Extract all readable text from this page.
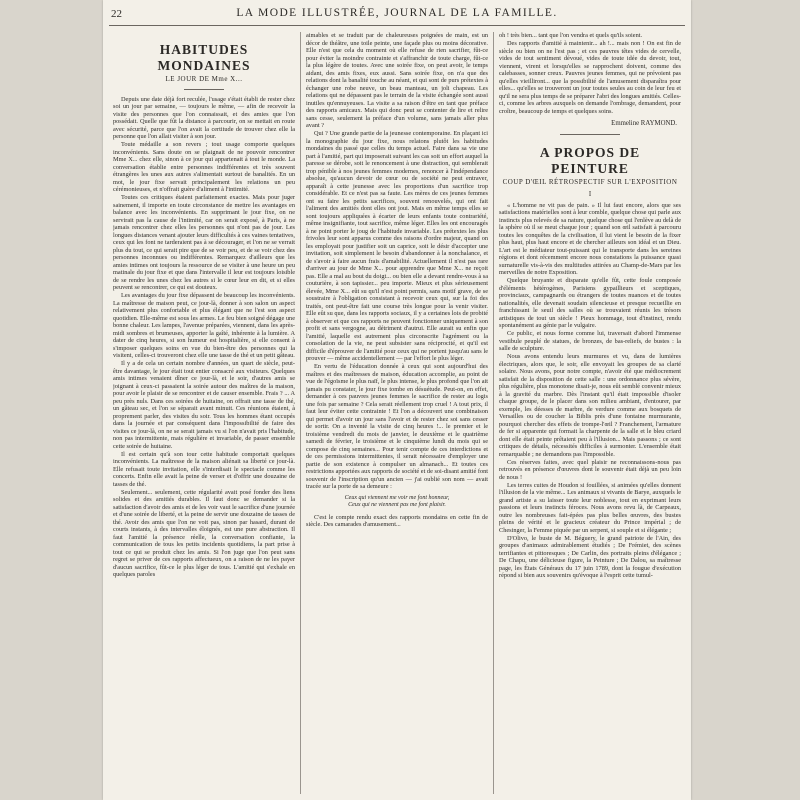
22	LA MODE ILLUSTRÉE, JOURNAL DE LA FAMILLE.
HABITUDES MONDAINES
LE JOUR DE Mme X...

Depuis une date déjà fort reculée, l'usage s'était établi de rester chez soi un jour par semaine, — toujours le même, — afin de recevoir la visite des personnes que l'on connaissait, et des amies que l'on possédait. Quelle que fût la distance à parcourir, on se mettait en route avec sécurité, parce que l'on avait la certitude de trouver chez elle la personne que l'on allait visiter à son jour.

Toute médaille a son revers ; tout usage comporte quelques inconvénients. Sans doute on se plaignait de ne pouvoir rencontrer Mme X... chez elle, sinon à ce jour qui appartenait à tout le monde. La conversation établie entre personnes indifférentes et très souvent étrangères les unes aux autres s'alimentait surtout de banalités. En un mot, le jour fixe servait principalement les relations un peu cérémonieuses, et n'offrait guère d'aliment à l'intimité.

Toutes ces critiques étaient parfaitement exactes. Mais pour juger sainement, il importe en toute circonstance de mettre les avantages en balance avec les inconvénients. En supprimant le jour fixe, on ne servirait pas la cause de l'intimité, car on serait exposé, à Paris, à ne jamais rencontrer chez elles les personnes qui n'ont pas de jour. Les longues distances venant ajouter leurs difficultés à ces vaines tentatives, ceux qui les font ne tarderaient pas à se décourager, et l'on ne se verrait plus du tout, ce qui serait pire que de se voir peu, et de se voir chez des personnes inconnues ou indifférentes. Remarquez d'ailleurs que les amies intimes ont toujours la ressource de se visiter à une heure un peu matinale du jour fixe et que dans l'intervalle il leur est toujours loisible de se rendre les unes chez les autres si le cœur leur en dit, et si elles peuvent se rencontrer, ce qui est douteux.

Les avantages du jour fixe dépassent de beaucoup les inconvénients. La maîtresse de maison peut, ce jour-là, donner à son salon un aspect relativement plus confortable et plus élégant que ne l'est son aspect quotidien. Elle-même est sous les armes. Le feu bien soigné dégage une bonne chaleur. Les lampes, l'avenue préparées, viennent, dans les après-midi sombres et brumeuses, apporter la gaîté, inhérente à la lumière. A dater de cinq heures, si son humeur est hospitalière, si elle consent à s'imposer quelques soins en vue du bien-être des personnes qui la visitent, celles-ci trouveront chez elle une tasse de thé et un petit gâteau.

Il y a de cela un certain nombre d'années, un quart de siècle, peut-être davantage, le jour était tout entier consacré aux visiteurs. Quelques amis intimes venaient dîner ce jour-là, et le soir, d'autres amis se joignant à ceux-ci passaient la soirée autour des maîtres de la maison, pour avoir le plaisir de se rencontrer et de causer ensemble. Frais ? ... A peu près nuls. Dans ces soirées de huitaine, on offrait une tasse de thé, un gâteau sec, et l'on se séparait avant minuit. Ces réunions étaient, à proprement parler, des visites du soir. Tous les hommes étant occupés dans la journée et par conséquent dans l'impossibilité de faire des visites ce jour-là, on ne se serait jamais vu si l'on n'avait pris l'habitude, non pas intermittente, mais régulière et invariable, de passer ensemble cette soirée de huitaine.

Il est certain qu'à son tour cette habitude comportait quelques inconvénients. La maîtresse de la maison aliénait sa liberté ce jour-là. Elle refusait toute invitation, elle s'interdisait le spectacle comme les concerts. Enfin elle avait la peine de verser et d'offrir une douzaine de tasses de thé.

Seulement... seulement, cette régularité avait posé fonder des liens solides et des amitiés durables. Il faut donc se demander si la satisfaction d'avoir des amis et de les voir vaut le sacrifice d'une journée et d'une soirée de liberté, et la peine de servir une douzaine de tasses de thé. Avoir des amis que l'on ne voit pas, sinon par hasard, durant de courts instants, à des intervalles éloignés, est une pure abstraction. Il faut l'amitié la présence réelle, la conversation confiante, la communication de tous les petits incidents quotidiens, la part prise à tout ce qui se produit chez les amis. Si l'on juge que l'on peut sans regret se priver de ces rapports affectueux, on a raison de ne les payer d'aucun sacrifice, fût-ce le plus léger de tous. L'amitié qui s'exhale en quelques paroles

aimables et se traduit par de chaleureuses poignées de main, est un décor de théâtre, une toile peinte, une façade plus ou moins décorative. Elle n'est que cela du moment où elle refuse de rien sacrifier, fût-ce pour éviter la moindre contrainte et s'affranchir de toute charge, fût-ce la plus légère de toutes. Avec une soirée fixe, on peut avoir, le temps aidant, des amis fixes, eux aussi. Sans soirée fixe, on n'a que des relations dont la banalité touche au néant, et qui sont de purs prétextes à échanger une robe neuve, un beau manteau, un joli chapeau. Les relations qui ne dépassent pas le terrain de la visite échangée sont aussi inutiles qu'ennuyeuses. La visite a sa raison d'être en tant que préface des rapports amicaux. Mais qui donc peut se contenter de lire et relire sans cesse, seulement la préface d'un volume, sans jamais aller plus avant ?

Qui ? Une grande partie de la jeunesse contemporaine. En plaçant ici la monographie du jour fixe, nous relatons plutôt les habitudes mondaines du passé que celles du temps actuel. Faire dans sa vie une part à l'amitié, part qui imposerait suivant les cas soit un effort auquel la paresse se dérobe, soit le renoncement à une distraction, qui semblerait trop pénible à nos jeunes femmes modernes, renoncer à l'indépendance absolue, qu'aucun devoir de cœur ou de société ne peut entraver, apparaît à cette jeunesse avec les proportions d'un sacrifice trop considérable. Et ce n'est pas sa faute. Les mères de ces jeunes femmes ont su faire les petits sacrifices, souvent renouvelés, qui ont fait l'aliment des amitiés dont elles ont joui. Mais en même temps elles se sont toujours appliquées à écarter de leurs enfants toute contrariété, même insignifiante, tout sacrifice, même léger. Elles les ont encouragés à ne point porter le joug de l'habitude invariable. Les prétextes les plus frivoles leur sont apparus comme des raisons d'ordre majeur, quand on les employait pour justifier soit un caprice, soit le désir d'accepter une invitation, soit simplement le besoin d'abandonner à la nonchalance, et de s'avoir à faire aucun frais d'amabilité. Actuellement il n'est pas rare d'arriver au jour de Mme X... pour apprendre que Mme X... ne reçoit pas. Elle a mal au bout du doigt... ou bien elle a devant rendre-vous à sa couturière, à son tapissier... peu importe. Mieux et plus sérieusement élevée, Mme X... eût su qu'il n'est point permis, sans motif grave, de se soustraire à l'obligation consistant à recevoir ceux qui, sur la foi des traités, ont peut-être fait une course très longue pour la venir visiter. Elle eût su que, dans les rapports sociaux, il y a certaines lois de probité à observer et que ces rapports ne peuvent fonctionner uniquement à son profit et sans vergogne, au détriment d'autrui. Elle aurait su enfin que l'amitié, laquelle est autrement plus circonscrite l'agrément ou la consolation de la vie, ne peut subsister sans réciprocité, et qu'il est difficile d'éprouver de l'amitié pour ceux qui ne portent jusqu'au sans le prouver — même accidentellement — par l'effort le plus léger.

En vertu de l'éducation donnée à ceux qui sont aujourd'hui des maîtres et des maîtresses de maison, éducation accomplie, au point de vue de l'égoïsme le plus naïf, le plus intense, le plus profond que l'on ait jamais pu constater, le jour fixe tombe en désuétude. Peut-on, en effet, demander à ces pauvres jeunes femmes le sacrifice de rester au logis une fois par semaine ? Cela serait réellement trop cruel ! A tout prix, il faut leur éviter cette contrainte ! Et l'on a découvert une combinaison qui permet d'avoir un jour sans l'avoir et de rester chez soi sans cesser de sortir. On a inventé la visite de cinq heures !... le premier et le troisième vendredi du mois de janvier, le deuxième et le quatrième samedi de février, le troisième et le cinquième lundi du mois qui se compose de cinq semaines... Pour tenir compte de ces interdictions et de ces permissions intermittentes, il serait nécessaire d'employer une partie de son existence à compulser un almanach... Et toutes ces restrictions apportées aux rapports de société et de soi-disant amitié font souvenir de l'inscription qu'un ancien — j'ai oublié son nom — avait tracée sur la porte de sa demeure :

Ceux qui viennent me voir me font honneur,
Ceux qui ne viennent pas me font plaisir.

C'est le compte rendu exact des rapports mondains en cette fin de siècle. Des camarades d'amusement...

oh ! très bien... tant que l'on vendra et quels qu'ils soient.

Des rapports d'amitié à maintenir... ah !... mais non ! On est fin de siècle ou bien on ne l'est pas ; et ces pauvres têtes vides de cervelle, vides de tout sentiment dévoué, vides de toute idée du devoir, tout, viennent, virent et lorsqu'elles se rapprochent doivent, comme des calebasses, sonner creux. Pauvres jeunes femmes, qui ne prévoient pas qu'elles vieilliront... que la possibilité de l'amusement disparaîtra pour elles... qu'elles se trouveront un jour toutes seules au coin de leur feu et qu'il ne sera plus temps de se préparer l'abri des longues amitiés. Celles-ci, comme les arbres auxquels on demande l'ombrage, demandent, pour croître, beaucoup de temps et quelques soins.

Emmeline RAYMOND.
A PROPOS DE PEINTURE
COUP D'ŒIL RÉTROSPECTIF SUR L'EXPOSITION
I

« L'homme ne vit pas de pain. » Il lui faut encore, alors que ses satisfactions matérielles sont à leur comble, quelque chose qui parle aux instincts plus relevés de sa nature, quelque chose qui l'enlève au delà de la sphère où il se meut chaque jour ; quand son œil satisfait à parcouru toutes les conquêtes de la civilisation, il lui vient le besoin de la fixer plus haut, plus haut encore et de chercher ailleurs son idéal et un Dieu. L'art est le médiateur tout-puissant qui le transporte dans les sereines régions et dont récemment encore nous constations la puissance quasi surnaturelle vis-à-vis des multitudes attirées au Champ-de-Mars par les merveilles de notre Exposition.

Quelque bruyante et disparate qu'elle fût, cette foule composée d'éléments hétérogènes, Parisiens gypaillieurs et sceptiques, provinciaux, campagnards ou étrangers de toutes nuances et de toutes nationalités, elle devenait soudain silencieuse et presque recueillie en franchissant le seuil des salles où se trouvaient réunis les trésors artistiques de tout un siècle ! Pieux hommage, tout d'instinct, rendu spontanément au génie par le vulgaire.

Ce public, et nous forme comme lui, traversait d'abord l'immense vestibule peuplé de statues, de bronzes, de bas-reliefs, de bustes : la salle de sculpture.

Nous avons entendu leurs murmures et vu, dans de lumières électriques, alors que, le soir, elle envoyait les groupes de sa clarté solaire. Nous avons, pour notre compte, n'avoir été que médiocrement satisfait de la disposition de cette salle : une ordonnance plus sévère, plus régulière, plus monotone disait-je, nous eût semblé convenir mieux à la gravité du marbre. Dès l'instant qu'il était impossible d'isoler chaque groupe, de le placer dans son milieu ambiant, d'entourer, par exemple, les déesses de marbre, de verdure comme aux bosquets de Versailles ou de coucher la Biblis près d'une fontaine murmurante, pourquoi chercher des effets de trompe-l'œil ? Franchement, l'armature de fer si apparente qui formait la charpente de la salle et le bleu criard dont elle était peinte prêtaient peu à l'illusion... Mais passons ; ce sont critiques de détails, nécessités difficiles à surmonter. L'ensemble était remarquable ; ne demandons pas l'impossible.

Ces réserves faites, avec quel plaisir ne reconnaissons-nous pas retrouvés en présence d'œuvres dont le souvenir était déjà un peu loin de nous !

Les terres cuites de Houdon si fouillées, si animées qu'elles donnent l'illusion de la vie même... Les animaux si vivants de Barye, auxquels le grand artiste a su laisser toute leur noblesse, tout en exprimant leurs passions et leurs instincts féroces. Nous avons revu là, de Carpeaux, outre les nombreuses fait-épées pas plus belles œuvres, des bustes pleins de vérité et le gracieux créateur du Prince impérial ; de Chesinger, la Femme piquée par un serpent, si souple et si élégante ;

D'Olivo, le buste de M. Béguery, le grand patriote de l'Ain, des groupes d'animaux admirablement étudiés ; De Frémiet, des scènes terrifiantes et pittoresques ; De Carlin, des portraits pleins d'élégance ; De Chapu, une délicieuse figure, la Peinture ; De Dalou, sa maîtresse page, les États Généraux du 17 juin 1789, dont la fougue d'exécution répond si bien aux souvenirs qu'évoque à l'esprit cette tumul-
